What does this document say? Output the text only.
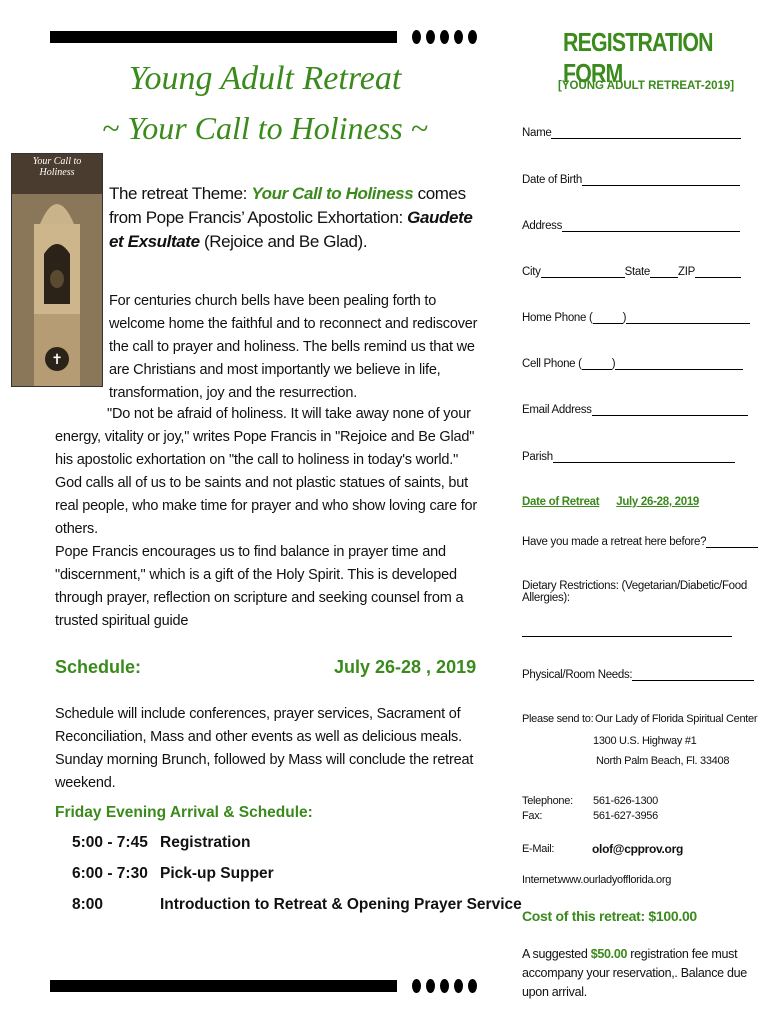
Young Adult Retreat
~ Your Call to Holiness ~
✝
Your Call to Holiness
The retreat Theme: Your Call to Holiness comes from Pope Francis’ Apostolic Exhortation: Gaudete et Exsultate (Rejoice and Be Glad).
For centuries church bells have been pealing forth to welcome home the faithful and to reconnect and rediscover the call to prayer and holiness. The bells remind us that we are Christians and most importantly we believe in life, transformation, joy and the resurrection.
"Do not be afraid of holiness. It will take away none of your energy, vitality or joy," writes Pope Francis in "Rejoice and Be Glad" his apostolic exhortation on "the call to holiness in today's world." God calls all of us to be saints and not plastic statues of saints, but real people, who make time for prayer and who show loving care for others.
Pope Francis encourages us to find balance in prayer time and "discernment," which is a gift of the Holy Spirit. This is developed through prayer, reflection on scripture and seeking counsel from a trusted spiritual guide
Schedule:	July 26-28 , 2019
Schedule will include conferences, prayer services, Sacrament of Reconciliation, Mass and other events as well as delicious meals. Sunday morning Brunch, followed by Mass will conclude the retreat weekend.
Friday Evening Arrival & Schedule:
5:00 - 7:45 Registration
6:00 - 7:30 Pick-up Supper
8:00	Introduction to Retreat & Opening Prayer Service
REGISTRATION FORM
[YOUNG ADULT RETREAT-2019]
Name
Date of Birth
Address
City	State ZIP
Home Phone (	)
Cell Phone (	)
Email Address
Parish
Date of Retreat July 26-28, 2019
Have you made a retreat here before?
Dietary Restrictions: (Vegetarian/Diabetic/Food Allergies):
Physical/Room Needs:
Please send to: Our Lady of Florida Spiritual Center
1300 U.S. Highway #1
North Palm Beach, Fl. 33408
Telephone: 561-626-1300
Fax:	561-627-3956
E-Mail:	olof@cpprov.org
Internet:
www.ourladyofflorida.org
Cost of this retreat: $100.00
A suggested $50.00 registration fee must accompany your reservation,. Balance due upon arrival.
